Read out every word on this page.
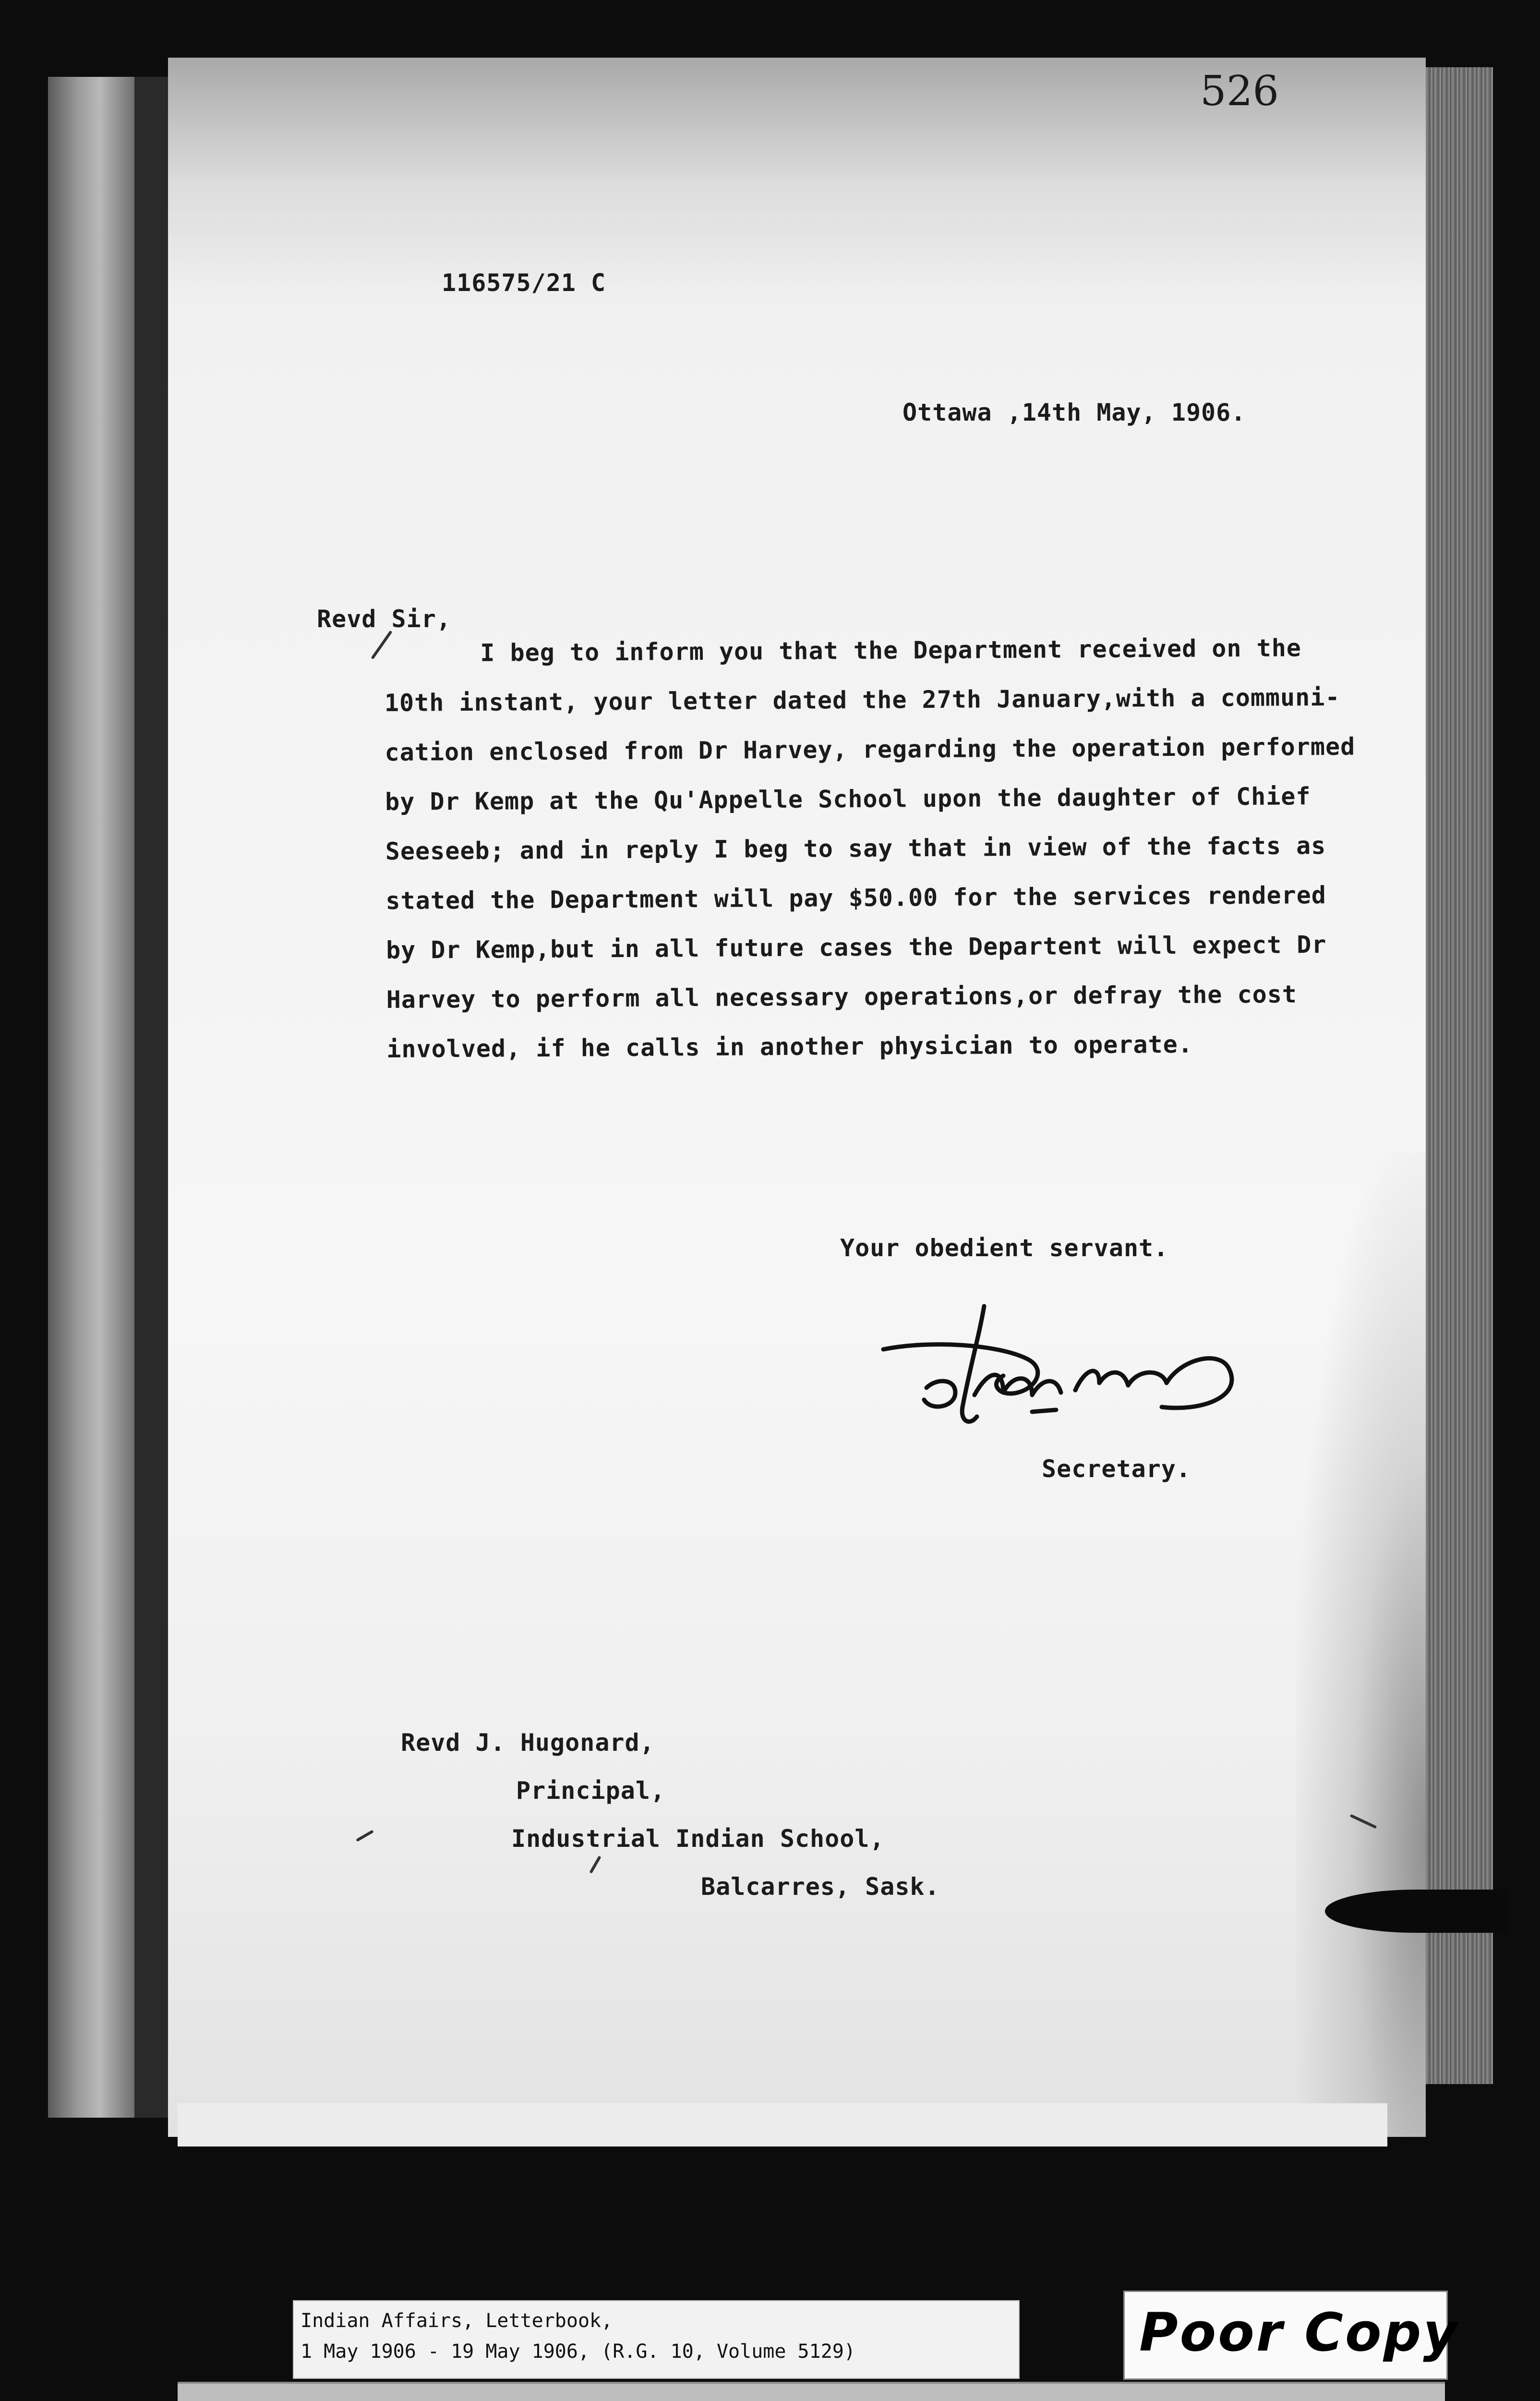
526
116575/21 C
Ottawa ,14th May, 1906.
Revd Sir,
I beg to inform you that the Department received on the
10th instant, your letter dated the 27th January,with a communi-
cation enclosed from Dr Harvey, regarding the operation performed
by Dr Kemp at the Qu'Appelle School upon the daughter of Chief
Seeseeb; and in reply I beg to say that in view of the facts as
stated the Department will pay $50.00 for the services rendered
by Dr Kemp,but in all future cases the Departent will expect Dr
Harvey to perform all necessary operations,or defray the cost
involved, if he calls in another physician to operate.
Your obedient servant.
Secretary.
Revd J. Hugonard,
Principal,
Industrial Indian School,
Balcarres, Sask.
Indian Affairs, Letterbook,
1 May 1906 - 19 May 1906, (R.G. 10, Volume 5129)	Poor Copy
